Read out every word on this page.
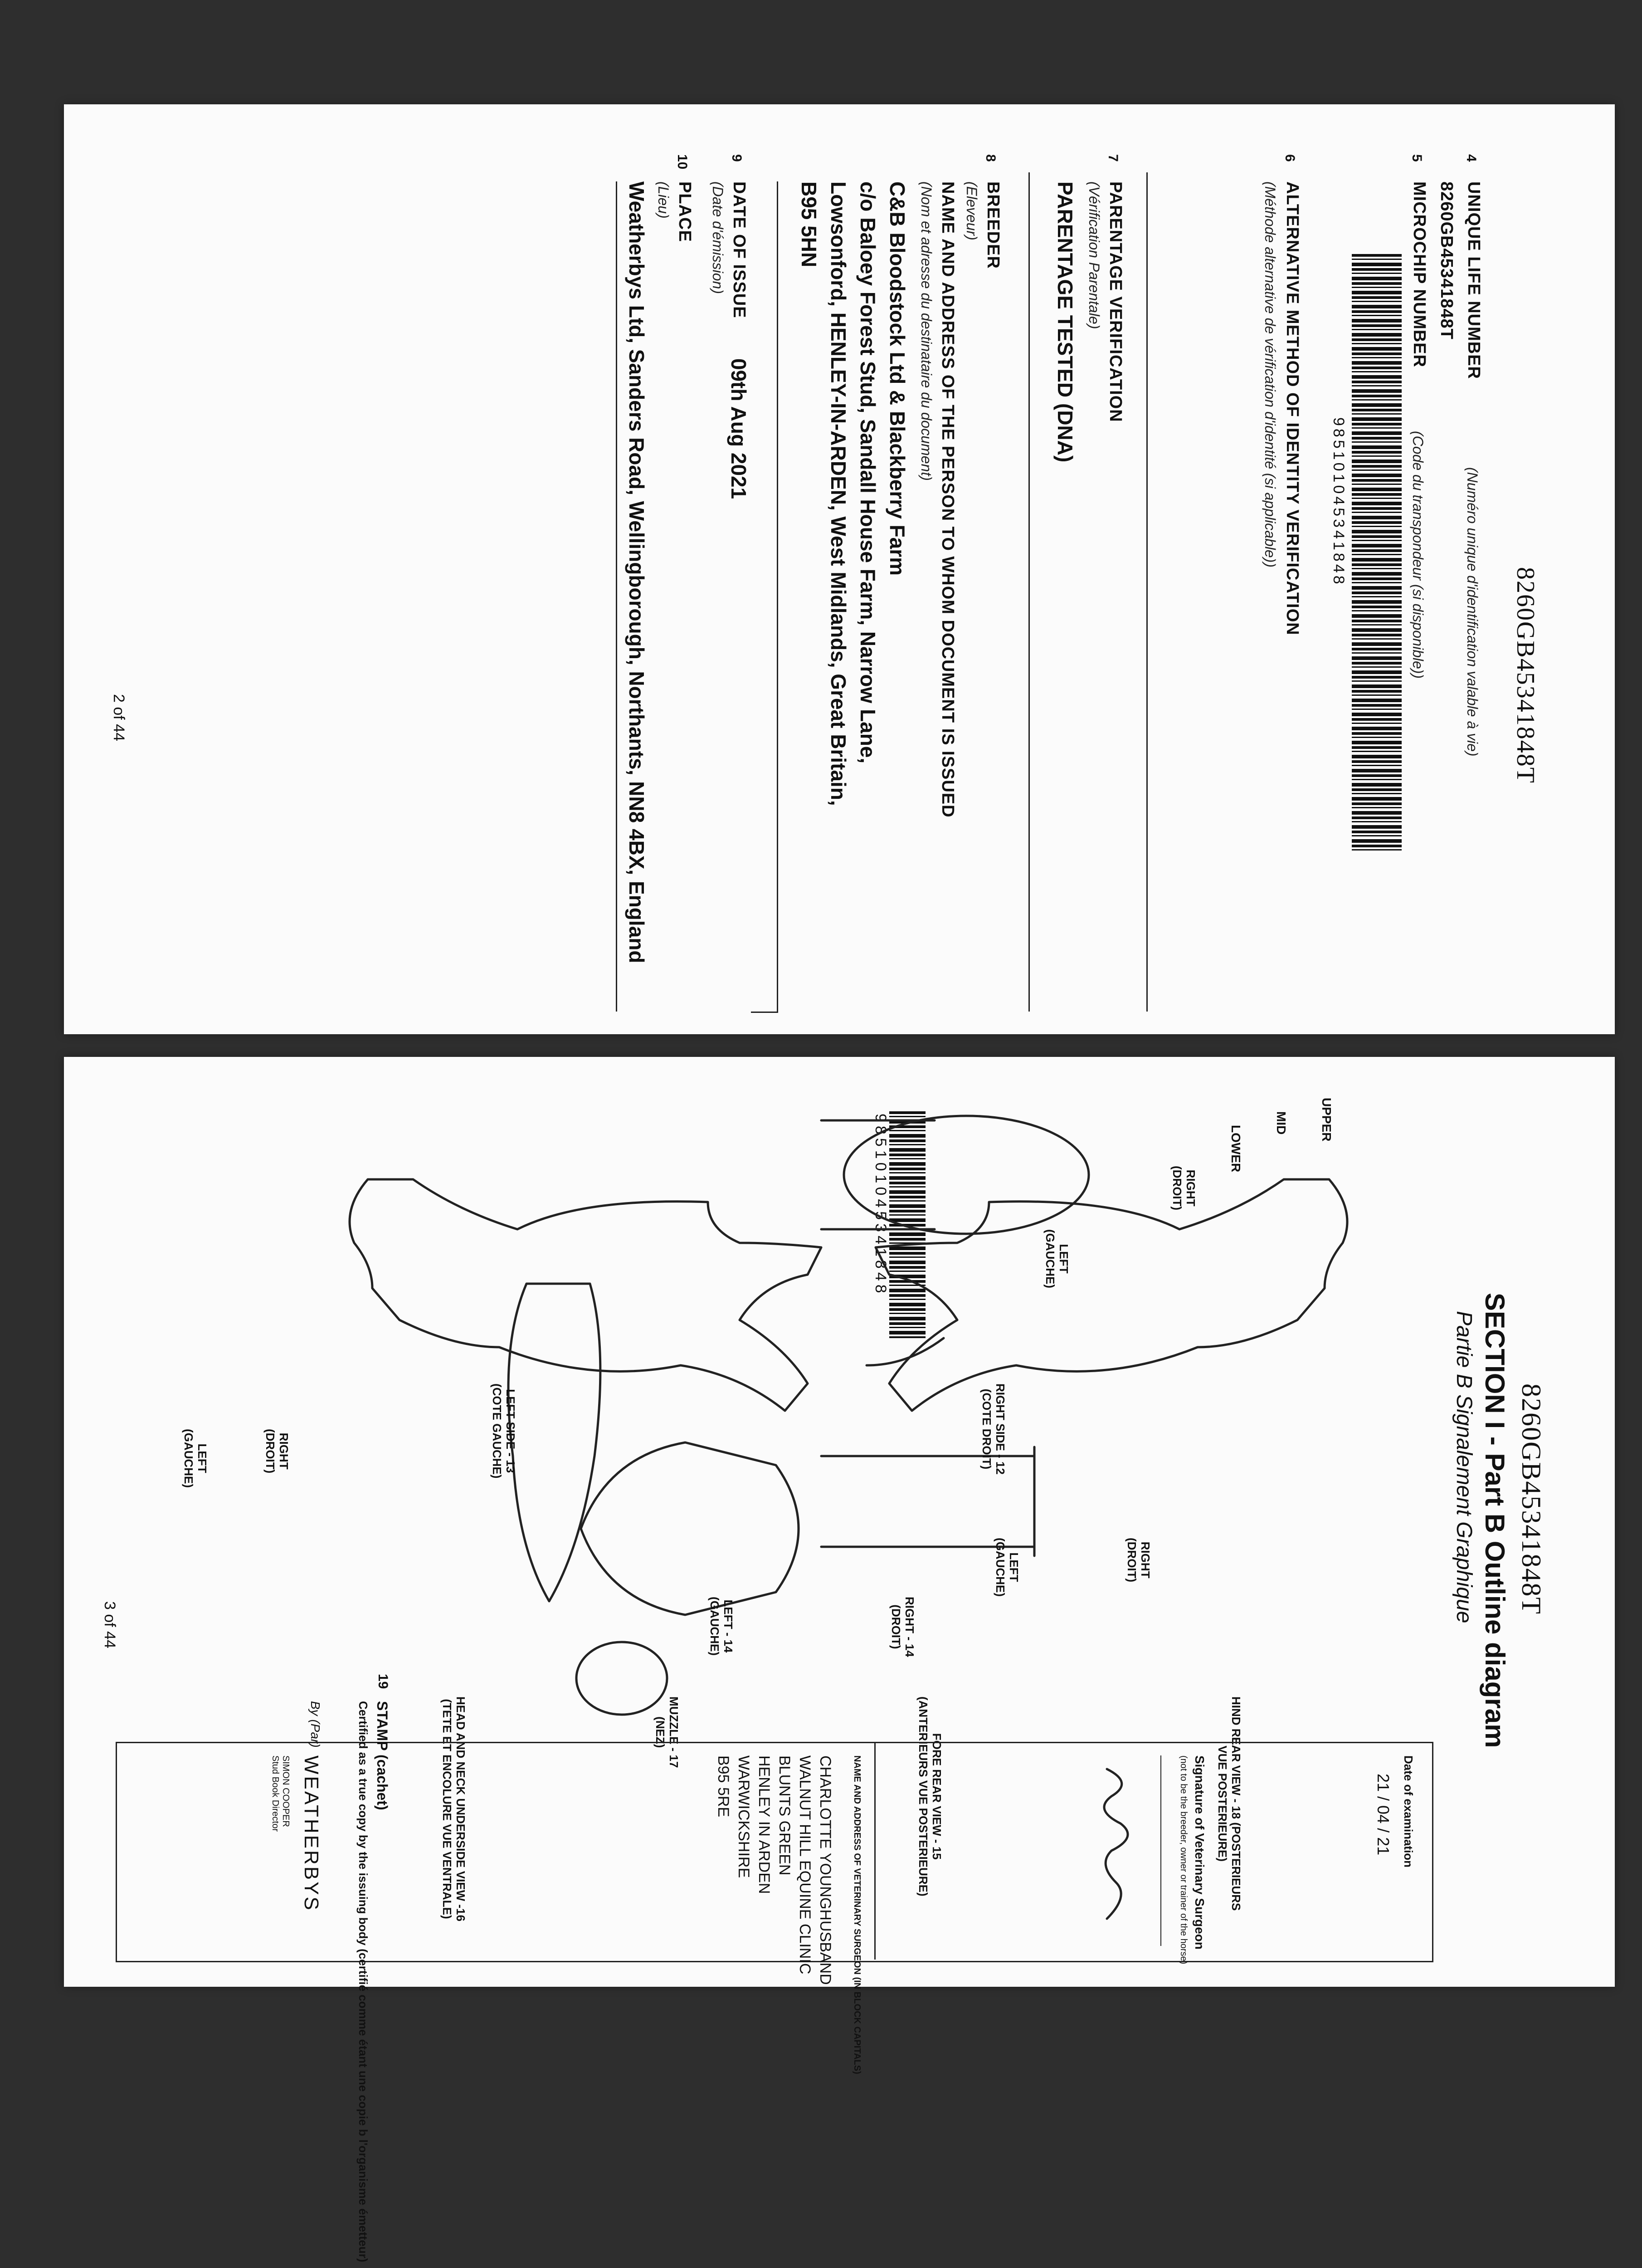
8260GB45341848T
4
UNIQUE LIFE NUMBER
(Numéro unique d'identification valable à vie)
8260GB45341848T
5
MICROCHIP NUMBER
(Code du transpondeur (si disponible))
985101045341848
6
ALTERNATIVE METHOD OF IDENTITY VERIFICATION
(Méthode alternative de vérification d'identité (si applicable))
7
PARENTAGE VERIFICATION
(Vérification Parentale)
PARENTAGE TESTED (DNA)
8
BREEDER
(Eleveur)
NAME AND ADDRESS OF THE PERSON TO WHOM DOCUMENT IS ISSUED
(Nom et adresse du destinataire du document)
C&B Bloodstock Ltd & Blackberry Farm
c/o Baloey Forest Stud, Sandall House Farm, Narrow Lane,
Lowsonford, HENLEY-IN-ARDEN, West Midlands, Great Britain,
B95 5HN
9
DATE OF ISSUE
(Date d'émission)
09th Aug 2021
10
PLACE
(Lieu)
Weatherbys Ltd, Sanders Road, Wellingborough, Northants, NN8 4BX, England
2 of 44
8260GB45341848T
SECTION I - Part B Outline diagram
Partie B Signalement Graphique
985101045341848	UPPER
MID
LOWER
RIGHT SIDE - 12
(COTE DROIT)
LEFT SIDE - 13
(COTE GAUCHE)
RIGHT
(DROIT)
LEFT
(GAUCHE)
RIGHT
(DROIT)
LEFT
(GAUCHE)
RIGHT - 14
(DROIT)
LEFT - 14
(GAUCHE)
RIGHT
(DROIT)
LEFT
(GAUCHE)
HIND REAR VIEW - 18 (POSTERIEURS
VUE POSTERIEURE)
FORE REAR VIEW - 15
(ANTERIEURS VUE POSTERIEURE)
MUZZLE - 17
(NEZ)
HEAD AND NECK UNDERSIDE VIEW -16
(TETE ET ENCOLURE VUE VENTRALE)
Date of examination
21 / 04 / 21
Signature of Veterinary Surgeon
(not to be the breeder, owner or trainer of the horse)
NAME AND ADDRESS OF VETERINARY SURGEON (IN BLOCK CAPITALS)
CHARLOTTE YOUNGHUSBAND
WALNUT HILL EQUINE CLINIC
BLUNTS GREEN
HENLEY IN ARDEN
WARWICKSHIRE
B95 5RE
19
STAMP (cachet)
Certified as a true copy by the issuing body (certifié comme étant une copie b l'organisme émetteur)
By (Par)
WEATHERBYS
SIMON COOPER
Stud Book Director
3 of 44
